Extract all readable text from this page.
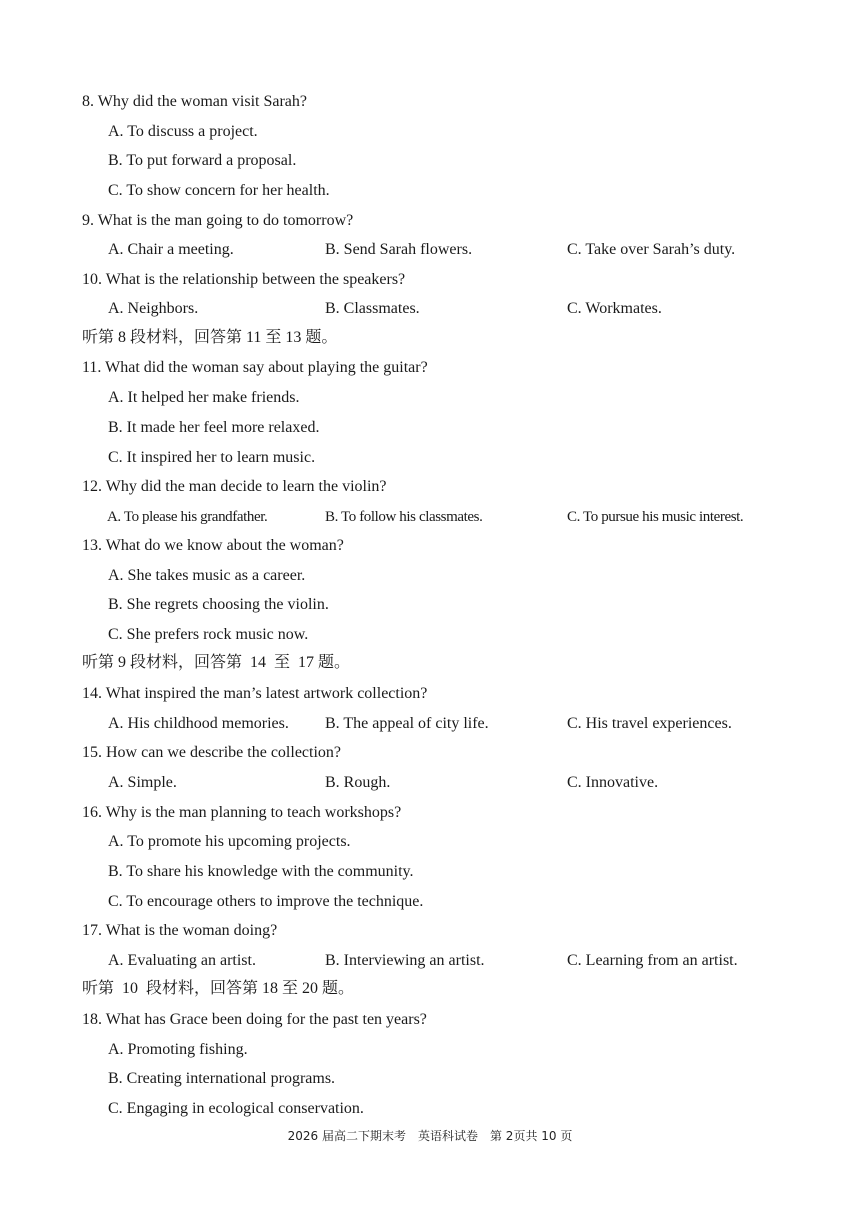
8. Why did the woman visit Sarah?
A. To discuss a project.
B. To put forward a proposal.
C. To show concern for her health.
9. What is the man going to do tomorrow?
A. Chair a meeting.	B. Send Sarah flowers.	C. Take over Sarah’s duty.
10. What is the relationship between the speakers?
A. Neighbors.	B. Classmates.	C. Workmates.
听第 8 段材料，回答第 11 至 13 题。
11. What did the woman say about playing the guitar?
A. It helped her make friends.
B. It made her feel more relaxed.
C. It inspired her to learn music.
12. Why did the man decide to learn the violin?
A. To please his grandfather.	B. To follow his classmates.	C. To pursue his music interest.
13. What do we know about the woman?
A. She takes music as a career.
B. She regrets choosing the violin.
C. She prefers rock music now.
听第 9 段材料，回答第  14  至  17 题。
14. What inspired the man’s latest artwork collection?
A. His childhood memories. B. The appeal of city life.	C. His travel experiences.
15. How can we describe the collection?
A. Simple.	B. Rough.	C. Innovative.
16. Why is the man planning to teach workshops?
A. To promote his upcoming projects.
B. To share his knowledge with the community.
C. To encourage others to improve the technique.
17. What is the woman doing?
A. Evaluating an artist.	B. Interviewing an artist.	C. Learning from an artist.
听第  10  段材料，回答第 18 至 20 题。
18. What has Grace been doing for the past ten years?
A. Promoting fishing.
B. Creating international programs.
C. Engaging in ecological conservation.
2026 届高二下期末考　英语科试卷　第 2页共 10 页
